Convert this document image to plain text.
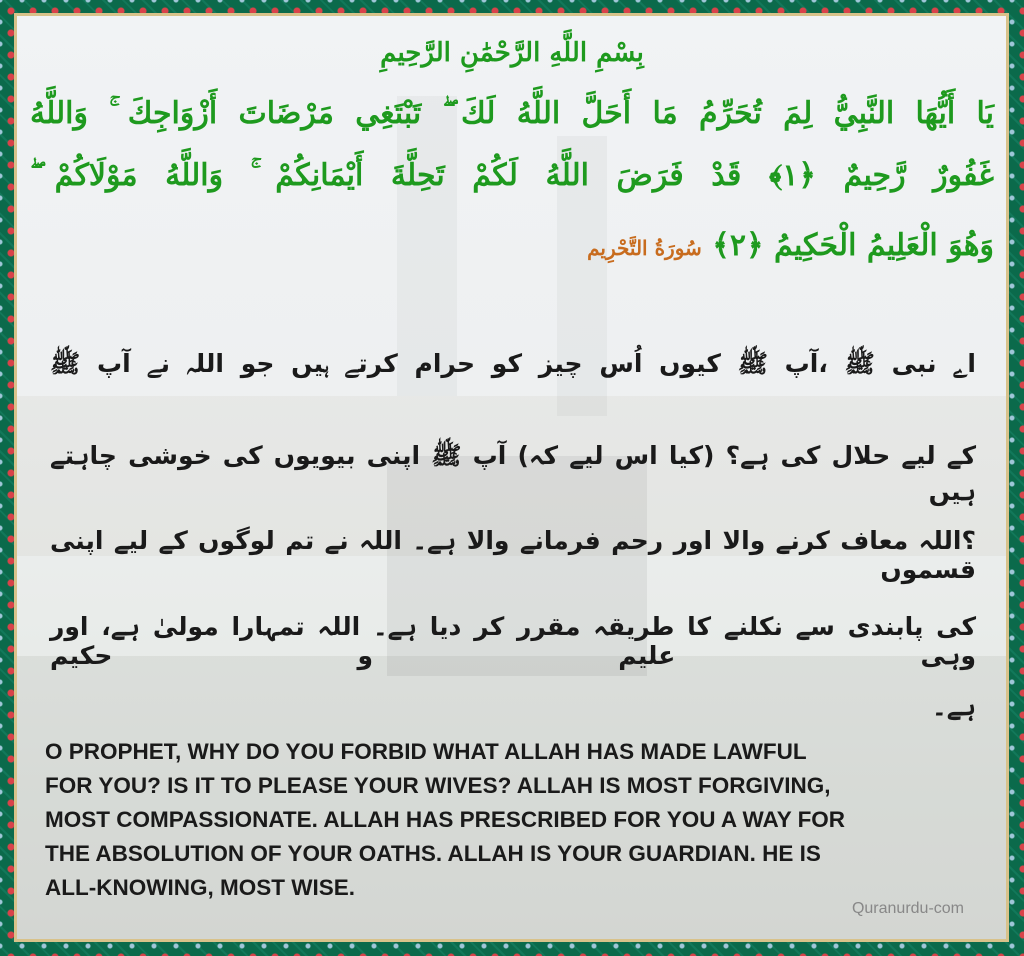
بِسْمِ اللَّهِ الرَّحْمَٰنِ الرَّحِيمِ
يَا أَيُّهَا النَّبِيُّ لِمَ تُحَرِّمُ مَا أَحَلَّ اللَّهُ لَكَ ۖ تَبْتَغِي مَرْضَاتَ أَزْوَاجِكَ ۚ وَاللَّهُ
غَفُورٌ رَّحِيمٌ ﴿١﴾ قَدْ فَرَضَ اللَّهُ لَكُمْ تَحِلَّةَ أَيْمَانِكُمْ ۚ وَاللَّهُ مَوْلَاكُمْ ۖ
وَهُوَ الْعَلِيمُ الْحَكِيمُ ﴿٢﴾ سُورَةُ التَّحْرِيم
اے نبی ﷺ ،آپ ﷺ کیوں اُس چیز کو حرام کرتے ہیں جو اللہ نے آپ ﷺ
کے لیے حلال کی ہے؟ (کیا اس لیے کہ) آپ ﷺ اپنی بیویوں کی خوشی چاہتے ہیں
؟اللہ معاف کرنے والا اور رحم فرمانے والا ہے۔ اللہ نے تم لوگوں کے لیے اپنی قسموں
کی پابندی سے نکلنے کا طریقہ مقرر کر دیا ہے۔ اللہ تمہارا مولیٰ ہے، اور وہی علیم و حکیم
ہے۔
O PROPHET, WHY DO YOU FORBID WHAT ALLAH HAS MADE LAWFUL
FOR YOU? IS IT TO PLEASE YOUR WIVES? ALLAH IS MOST FORGIVING,
MOST COMPASSIONATE. ALLAH HAS PRESCRIBED FOR YOU A WAY FOR
THE ABSOLUTION OF YOUR OATHS. ALLAH IS YOUR GUARDIAN. HE IS
ALL-KNOWING, MOST WISE.
Quranurdu-com
